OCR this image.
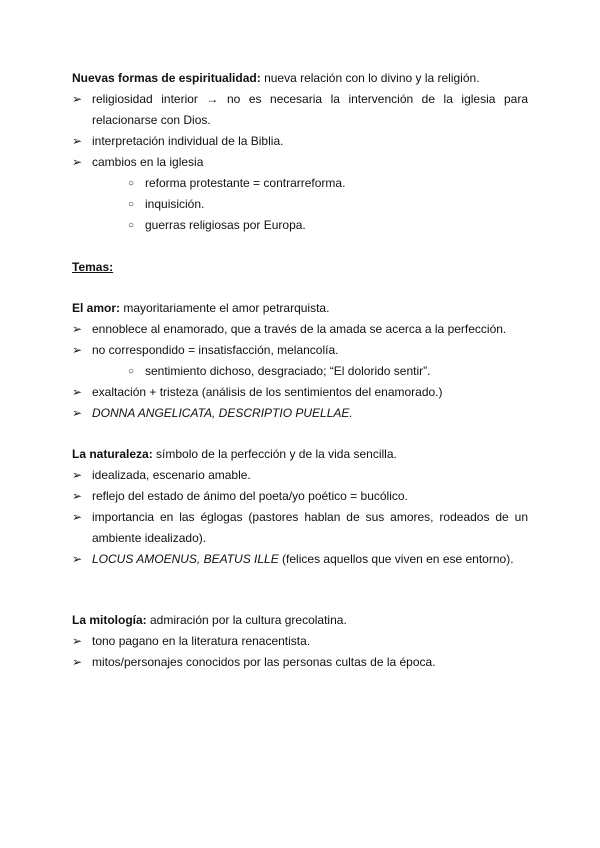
Nuevas formas de espiritualidad: nueva relación con lo divino y la religión.
➢ religiosidad interior → no es necesaria la intervención de la iglesia para relacionarse con Dios.
➢ interpretación individual de la Biblia.
➢ cambios en la iglesia
○ reforma protestante = contrarreforma.
○ inquisición.
○ guerras religiosas por Europa.
Temas:
El amor: mayoritariamente el amor petrarquista.
➢ ennoblece al enamorado, que a través de la amada se acerca a la perfección.
➢ no correspondido = insatisfacción, melancolía.
○ sentimiento dichoso, desgraciado; “El dolorido sentir”.
➢ exaltación + tristeza (análisis de los sentimientos del enamorado.)
➢ DONNA ANGELICATA, DESCRIPTIO PUELLAE.
La naturaleza: símbolo de la perfección y de la vida sencilla.
➢ idealizada, escenario amable.
➢ reflejo del estado de ánimo del poeta/yo poético = bucólico.
➢ importancia en las églogas (pastores hablan de sus amores, rodeados de un ambiente idealizado).
➢ LOCUS AMOENUS, BEATUS ILLE (felices aquellos que viven en ese entorno).
La mitología: admiración por la cultura grecolatina.
➢ tono pagano en la literatura renacentista.
➢ mitos/personajes conocidos por las personas cultas de la época.
